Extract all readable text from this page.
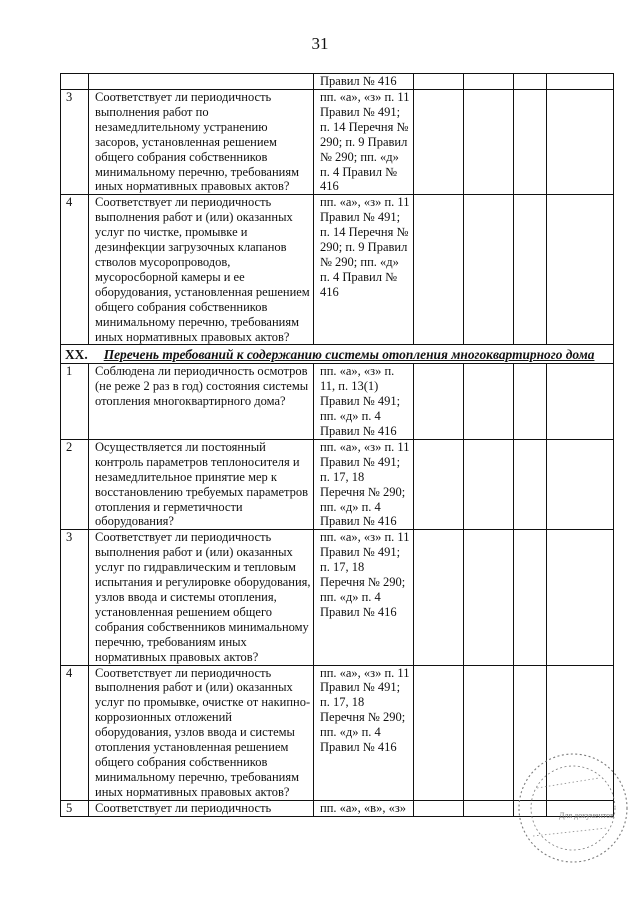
31
		Правил № 416				
3	Соответствует ли периодичность выполнения работ по незамедлительному устранению засоров, установленная решением общего собрания собственников минимальному перечню, требованиям иных нормативных правовых актов?	пп. «а», «з» п. 11 Правил № 491; п. 14 Перечня № 290; п. 9 Правил № 290; пп. «д» п. 4 Правил № 416				
4	Соответствует ли периодичность выполнения работ и (или) оказанных услуг по чистке, промывке и дезинфекции загрузочных клапанов стволов мусоропроводов, мусоросборной камеры и ее оборудования, установленная решением общего собрания собственников минимальному перечню, требованиям иных нормативных правовых актов?	пп. «а», «з» п. 11 Правил № 491; п. 14 Перечня № 290; п. 9 Правил № 290; пп. «д» п. 4 Правил № 416				
XX. Перечень требований к содержанию системы отопления многоквартирного дома						
1	Соблюдена ли периодичность осмотров (не реже 2 раз в год) состояния системы отопления многоквартирного дома?	пп. «а», «з» п. 11, п. 13(1) Правил № 491; пп. «д» п. 4 Правил № 416				
2	Осуществляется ли постоянный контроль параметров теплоносителя и незамедлительное принятие мер к восстановлению требуемых параметров отопления и герметичности оборудования?	пп. «а», «з» п. 11 Правил № 491; п. 17, 18 Перечня № 290; пп. «д» п. 4 Правил № 416				
3	Соответствует ли периодичность выполнения работ и (или) оказанных услуг по гидравлическим и тепловым испытания и регулировке оборудования, узлов ввода и системы отопления, установленная решением общего собрания собственников минимальному перечню, требованиям иных нормативных правовых актов?	пп. «а», «з» п. 11 Правил № 491; п. 17, 18 Перечня № 290; пп. «д» п. 4 Правил № 416				
4	Соответствует ли периодичность выполнения работ и (или) оказанных услуг по промывке, очистке от накипно-коррозионных отложений оборудования, узлов ввода и системы отопления установленная решением общего собрания собственников минимальному перечню, требованиям иных нормативных правовых актов?	пп. «а», «з» п. 11 Правил № 491; п. 17, 18 Перечня № 290; пп. «д» п. 4 Правил № 416				
5	Соответствует ли периодичность	пп. «а», «в», «з»				
Для документов
